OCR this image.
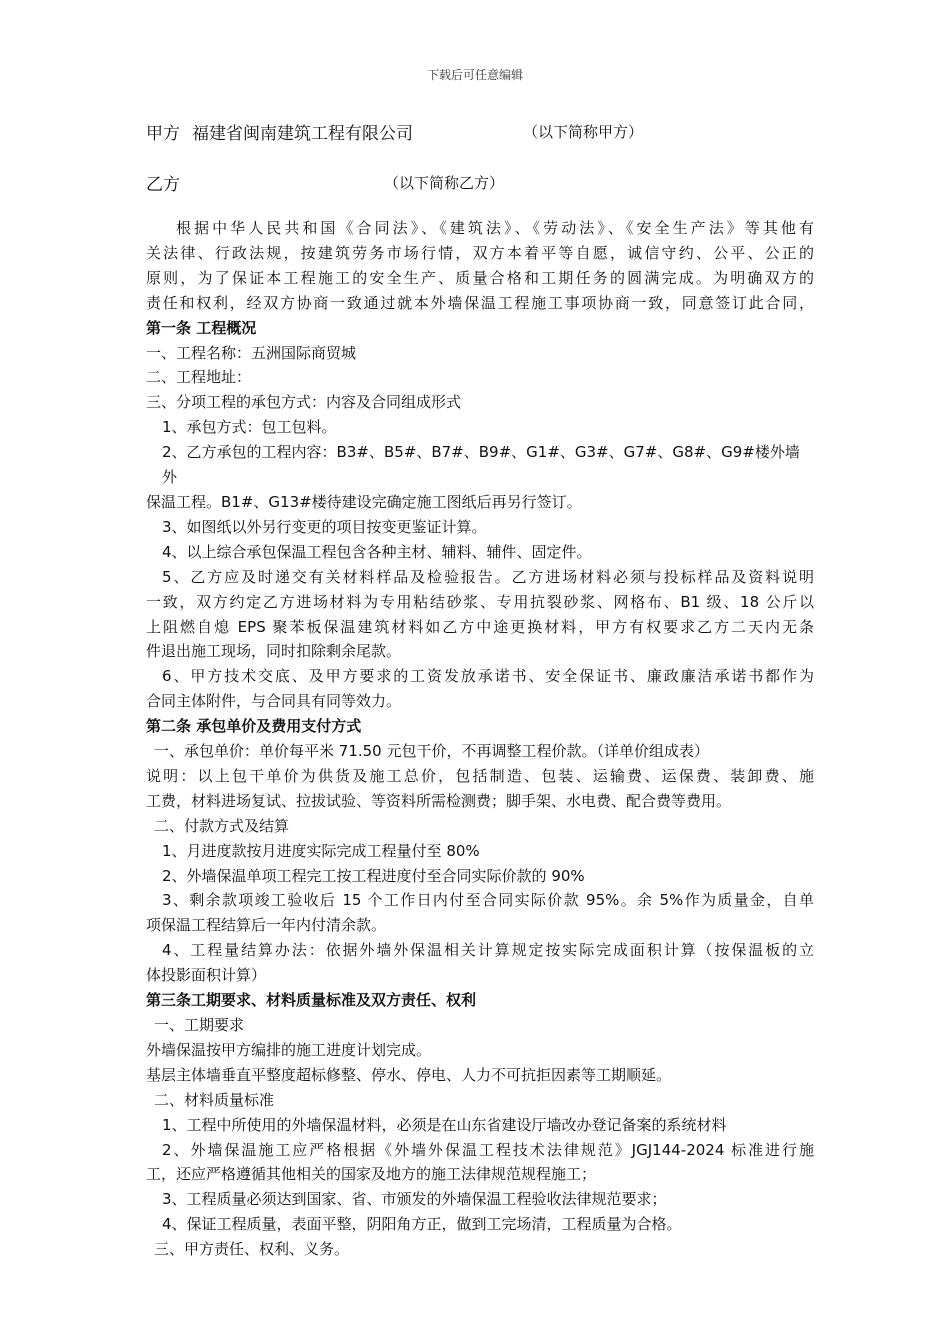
下载后可任意编辑
甲方 福建省闽南建筑工程有限公司	（以下简称甲方）
乙方	（以下简称乙方）

根据中华人民共和国《合同法》、《建筑法》、《劳动法》、《安全生产法》等其他有

关法律、行政法规，按建筑劳务市场行情，双方本着平等自愿，诚信守约、公平、公正的

原则，为了保证本工程施工的安全生产、质量合格和工期任务的圆满完成。为明确双方的

责任和权利，经双方协商一致通过就本外墙保温工程施工事项协商一致，同意签订此合同，

第一条 工程概况

一、工程名称：五洲国际商贸城

二、工程地址：

三、分项工程的承包方式：内容及合同组成形式

1、承包方式：包工包料。

2、乙方承包的工程内容：B3#、B5#、B7#、B9#、G1#、G3#、G7#、G8#、G9#楼外墙外

保温工程。B1#、G13#楼待建设完确定施工图纸后再另行签订。

3、如图纸以外另行变更的项目按变更鉴证计算。

4、以上综合承包保温工程包含各种主材、辅料、辅件、固定件。

5、乙方应及时递交有关材料样品及检验报告。乙方进场材料必须与投标样品及资料说明

一致，双方约定乙方进场材料为专用粘结砂浆、专用抗裂砂浆、网格布、B1 级、18 公斤以

上阻燃自熄 EPS 聚苯板保温建筑材料如乙方中途更换材料，甲方有权要求乙方二天内无条

件退出施工现场，同时扣除剩余尾款。

6、甲方技术交底、及甲方要求的工资发放承诺书、安全保证书、廉政廉洁承诺书都作为

合同主体附件，与合同具有同等效力。

第二条 承包单价及费用支付方式

一、承包单价：单价每平米 71.50 元包干价，不再调整工程价款。（详单价组成表）

说明：以上包干单价为供货及施工总价，包括制造、包装、运输费、运保费、装卸费、施

工费，材料进场复试、拉拔试验、等资料所需检测费；脚手架、水电费、配合费等费用。

二、付款方式及结算

1、月进度款按月进度实际完成工程量付至 80%

2、外墙保温单项工程完工按工程进度付至合同实际价款的 90%

3、剩余款项竣工验收后 15 个工作日内付至合同实际价款 95%。余 5%作为质量金，自单

项保温工程结算后一年内付清余款。

4、工程量结算办法：依据外墙外保温相关计算规定按实际完成面积计算（按保温板的立

体投影面积计算）

第三条工期要求、材料质量标准及双方责任、权利

一、工期要求

外墙保温按甲方编排的施工进度计划完成。

基层主体墙垂直平整度超标修整、停水、停电、人力不可抗拒因素等工期顺延。

二、材料质量标准

1、工程中所使用的外墙保温材料，必须是在山东省建设厅墙改办登记备案的系统材料

2、外墙保温施工应严格根据《外墙外保温工程技术法律规范》JGJ144-2024 标准进行施

工，还应严格遵循其他相关的国家及地方的施工法律规范规程施工；

3、工程质量必须达到国家、省、市颁发的外墙保温工程验收法律规范要求；

4、保证工程质量，表面平整，阴阳角方正，做到工完场清，工程质量为合格。

三、甲方责任、权利、义务。
